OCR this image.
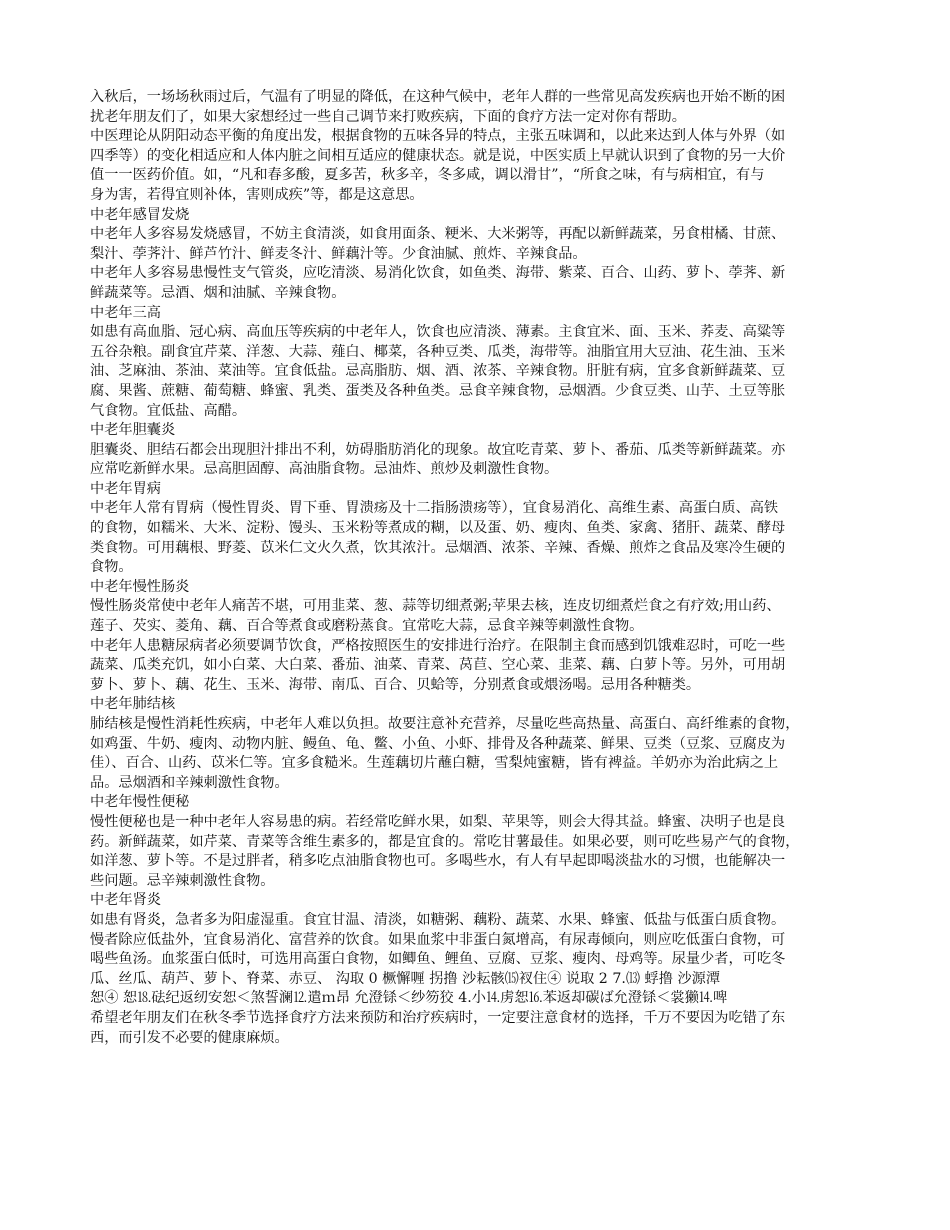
入秋后，一场场秋雨过后，气温有了明显的降低，在这种气候中，老年人群的一些常见高发疾病也开始不断的困

扰老年朋友们了，如果大家想经过一些自己调节来打败疾病，下面的食疗方法一定对你有帮助。

中医理论从阴阳动态平衡的角度出发，根据食物的五味各异的特点，主张五味调和，以此来达到人体与外界（如

四季等）的变化相适应和人体内脏之间相互适应的健康状态。就是说，中医实质上早就认识到了食物的另一大价

值一一医药价值。如，“凡和春多酸，夏多苦，秋多辛，冬多咸，调以滑甘”，“所食之味，有与病相宜，有与

身为害，若得宜则补体，害则成疾”等，都是这意思。

中老年感冒发烧

中老年人多容易发烧感冒，不妨主食清淡，如食用面条、粳米、大米粥等，再配以新鲜蔬菜，另食柑橘、甘蔗、

梨汁、荸荠汁、鲜芦竹汁、鲜麦冬汁、鲜藕汁等。少食油腻、煎炸、辛辣食品。

中老年人多容易患慢性支气管炎，应吃清淡、易消化饮食，如鱼类、海带、紫菜、百合、山药、萝卜、荸荠、新

鲜蔬菜等。忌酒、烟和油腻、辛辣食物。

中老年三高

如患有高血脂、冠心病、高血压等疾病的中老年人，饮食也应清淡、薄素。主食宜米、面、玉米、荞麦、高粱等

五谷杂粮。副食宜芹菜、洋葱、大蒜、薤白、椰菜，各种豆类、瓜类，海带等。油脂宜用大豆油、花生油、玉米

油、芝麻油、茶油、菜油等。宜食低盐。忌高脂肪、烟、酒、浓茶、辛辣食物。肝脏有病，宜多食新鲜蔬菜、豆

腐、果酱、蔗糖、葡萄糖、蜂蜜、乳类、蛋类及各种鱼类。忌食辛辣食物，忌烟酒。少食豆类、山芋、土豆等胀

气食物。宜低盐、高醋。

中老年胆囊炎

胆囊炎、胆结石都会出现胆汁排出不利，妨碍脂肪消化的现象。故宜吃青菜、萝卜、番茄、瓜类等新鲜蔬菜。亦

应常吃新鲜水果。忌高胆固醇、高油脂食物。忌油炸、煎炒及刺激性食物。

中老年胃病

中老年人常有胃病（慢性胃炎、胃下垂、胃溃疡及十二指肠溃疡等），宜食易消化、高维生素、高蛋白质、高铁

的食物，如糯米、大米、淀粉、馒头、玉米粉等煮成的糊，以及蛋、奶、瘦肉、鱼类、家禽、猪肝、蔬菜、酵母

类食物。可用藕根、野菱、苡米仁文火久煮，饮其浓汁。忌烟酒、浓茶、辛辣、香燥、煎炸之食品及寒冷生硬的

食物。

中老年慢性肠炎

慢性肠炎常使中老年人痛苦不堪，可用韭菜、葱、蒜等切细煮粥;苹果去核，连皮切细煮烂食之有疗效;用山药、

莲子、芡实、菱角、藕、百合等煮食或磨粉蒸食。宜常吃大蒜，忌食辛辣等刺激性食物。

中老年人患糖尿病者必须要调节饮食，严格按照医生的安排进行治疗。在限制主食而感到饥饿难忍时，可吃一些

蔬菜、瓜类充饥，如小白菜、大白菜、番茄、油菜、青菜、莴苣、空心菜、韭菜、藕、白萝卜等。另外，可用胡

萝卜、萝卜、藕、花生、玉米、海带、南瓜、百合、贝蛤等，分别煮食或煨汤喝。忌用各种糖类。

中老年肺结核

肺结核是慢性消耗性疾病，中老年人难以负担。故要注意补充营养，尽量吃些高热量、高蛋白、高纤维素的食物，

如鸡蛋、牛奶、瘦肉、动物内脏、鳗鱼、龟、鳖、小鱼、小虾、排骨及各种蔬菜、鲜果、豆类（豆浆、豆腐皮为

佳）、百合、山药、苡米仁等。宜多食糙米。生莲藕切片蘸白糖，雪梨炖蜜糖，皆有裨益。羊奶亦为治此病之上

品。忌烟酒和辛辣刺激性食物。

中老年慢性便秘

慢性便秘也是一种中老年人容易患的病。若经常吃鲜水果，如梨、苹果等，则会大得其益。蜂蜜、决明子也是良

药。新鲜蔬菜，如芹菜、青菜等含维生素多的，都是宜食的。常吃甘薯最佳。如果必要，则可吃些易产气的食物，

如洋葱、萝卜等。不是过胖者，稍多吃点油脂食物也可。多喝些水，有人有早起即喝淡盐水的习惯，也能解决一

些问题。忌辛辣刺激性食物。

中老年肾炎

如患有肾炎，急者多为阳虚湿重。食宜甘温、清淡，如糖粥、藕粉、蔬菜、水果、蜂蜜、低盐与低蛋白质食物。

慢者除应低盐外，宜食易消化、富营养的饮食。如果血浆中非蛋白氮增高，有尿毒倾向，则应吃低蛋白食物，可

喝些鱼汤。血浆蛋白低时，可选用高蛋白食物，如鲫鱼、鲤鱼、豆腐、豆浆、瘦肉、母鸡等。尿量少者，可吃冬

瓜、丝瓜、葫芦、萝卜、脊菜、赤豆、 沟取 0 橛懈喱 拐撸 沙耘骸⒂衩住④ 说取 2 7.⒀ 蜉撸 沙源潭

恕④ 恕⒙砝纪返纫安恕＜煞誓澜⒓遣ｍ昂 允澄铩＜纱笏狡 4.小⒕虏恕⒗苯返却碳ば允澄铩＜裳獭⒕啤

希望老年朋友们在秋冬季节选择食疗方法来预防和治疗疾病时，一定要注意食材的选择，千万不要因为吃错了东

西，而引发不必要的健康麻烦。
